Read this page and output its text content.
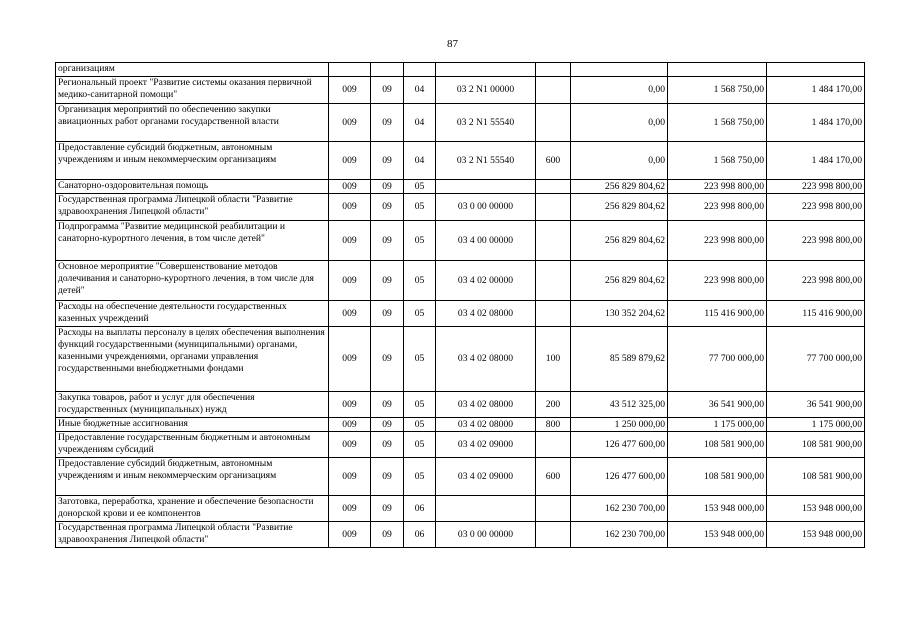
87
организациям								
Региональный проект "Развитие системы оказания первичной медико-санитарной помощи"	009	09	04	03 2 N1 00000		0,00	1 568 750,00	1 484 170,00
Организация мероприятий по обеспечению закупки авиационных работ органами государственной власти	009	09	04	03 2 N1 55540		0,00	1 568 750,00	1 484 170,00
Предоставление субсидий бюджетным, автономным учреждениям и иным некоммерческим организациям	009	09	04	03 2 N1 55540	600	0,00	1 568 750,00	1 484 170,00
Санаторно-оздоровительная помощь	009	09	05			256 829 804,62	223 998 800,00	223 998 800,00
Государственная программа Липецкой области "Развитие здравоохранения Липецкой области"	009	09	05	03 0 00 00000		256 829 804,62	223 998 800,00	223 998 800,00
Подпрограмма "Развитие медицинской реабилитации и санаторно-курортного лечения, в том числе детей"	009	09	05	03 4 00 00000		256 829 804,62	223 998 800,00	223 998 800,00
Основное мероприятие "Совершенствование методов долечивания и санаторно-курортного лечения, в том числе для детей"	009	09	05	03 4 02 00000		256 829 804,62	223 998 800,00	223 998 800,00
Расходы на обеспечение деятельности государственных казенных учреждений	009	09	05	03 4 02 08000		130 352 204,62	115 416 900,00	115 416 900,00
Расходы на выплаты персоналу в целях обеспечения выполнения функций государственными (муниципальными) органами, казенными учреждениями, органами управления государственными внебюджетными фондами	009	09	05	03 4 02 08000	100	85 589 879,62	77 700 000,00	77 700 000,00
Закупка товаров, работ и услуг для обеспечения государственных (муниципальных) нужд	009	09	05	03 4 02 08000	200	43 512 325,00	36 541 900,00	36 541 900,00
Иные бюджетные ассигнования	009	09	05	03 4 02 08000	800	1 250 000,00	1 175 000,00	1 175 000,00
Предоставление государственным бюджетным и автономным учреждениям субсидий	009	09	05	03 4 02 09000		126 477 600,00	108 581 900,00	108 581 900,00
Предоставление субсидий бюджетным, автономным учреждениям и иным некоммерческим организациям	009	09	05	03 4 02 09000	600	126 477 600,00	108 581 900,00	108 581 900,00
Заготовка, переработка, хранение и обеспечение безопасности донорской крови и ее компонентов	009	09	06			162 230 700,00	153 948 000,00	153 948 000,00
Государственная программа Липецкой области "Развитие здравоохранения Липецкой области"	009	09	06	03 0 00 00000		162 230 700,00	153 948 000,00	153 948 000,00
